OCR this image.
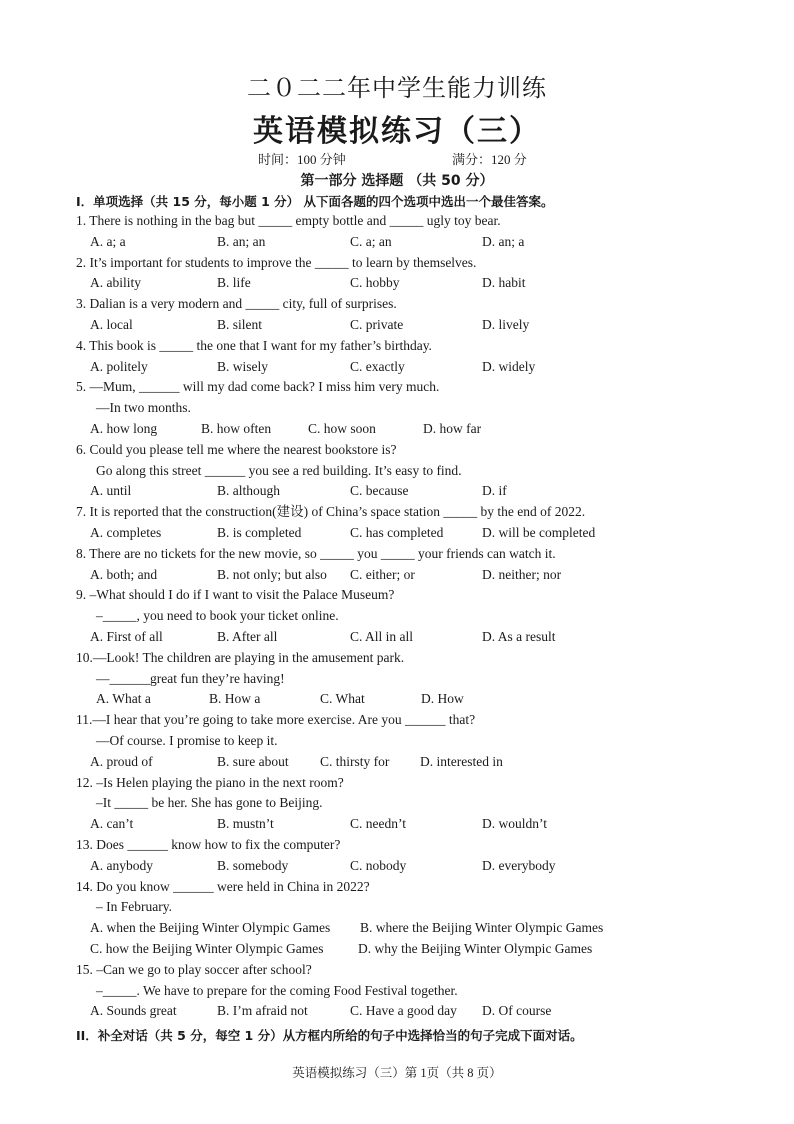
二０二二年中学生能力训练
英语模拟练习（三）
时间：100 分钟	满分：120 分
第一部分 选择题 （共 50 分）
I．单项选择（共 15 分，每小题 1 分） 从下面各题的四个选项中选出一个最佳答案。
1. There is nothing in the bag but _____ empty bottle and _____ ugly toy bear.
A. a; a	B. an; an	C. a; an	D. an; a
2. It’s important for students to improve the _____ to learn by themselves.
A. ability	B. life	C. hobby	D. habit
3. Dalian is a very modern and _____ city, full of surprises.
A. local	B. silent	C. private	D. lively
4. This book is _____ the one that I want for my father’s birthday.
A. politely	B. wisely	C. exactly	D. widely
5. —Mum, ______ will my dad come back? I miss him very much.
—In two months.
A. how long	B. how often	C. how soon	D. how far
6. Could you please tell me where the nearest bookstore is?
Go along this street ______ you see a red building. It’s easy to find.
A. until	B. although	C. because	D. if
7. It is reported that the construction(建设) of China’s space station _____ by the end of 2022.
A. completes	B. is completed	C. has completed	D. will be completed
8. There are no tickets for the new movie, so _____ you _____ your friends can watch it.
A. both; and	B. not only; but also C. either; or	D. neither; nor
9. –What should I do if I want to visit the Palace Museum?
–_____, you need to book your ticket online.
A. First of all	B. After all	C. All in all	D. As a result
10.—Look! The children are playing in the amusement park.
—______great fun they’re having!
A. What a	B. How a	C. What	D. How
11.—I hear that you’re going to take more exercise. Are you ______ that?
—Of course. I promise to keep it.
A. proud of	B. sure about C. thirsty for D. interested in
12. –Is Helen playing the piano in the next room?
–It _____ be her. She has gone to Beijing.
A. can’t	B. mustn’t	C. needn’t	D. wouldn’t
13. Does ______ know how to fix the computer?
A. anybody	B. somebody	C. nobody	D. everybody
14. Do you know ______ were held in China in 2022?
– In February.
A. when the Beijing Winter Olympic Games B. where the Beijing Winter Olympic Games
C. how the Beijing Winter Olympic Games	D. why the Beijing Winter Olympic Games
15. –Can we go to play soccer after school?
–_____. We have to prepare for the coming Food Festival together.
A. Sounds great	B. I’m afraid not	C. Have a good day D. Of course
II．补全对话（共 5 分，每空 1 分）从方框内所给的句子中选择恰当的句子完成下面对话。
英语模拟练习（三）第 1页（共 8 页）
